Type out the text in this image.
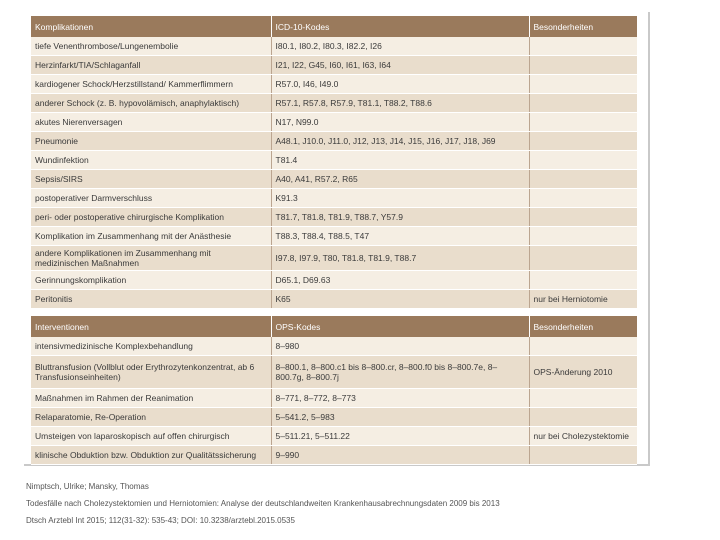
Komplikationen	ICD-10-Kodes	Besonderheiten
tiefe Venenthrombose/Lungenembolie	I80.1, I80.2, I80.3, I82.2, I26	
Herzinfarkt/TIA/Schlaganfall	I21, I22, G45, I60, I61, I63, I64	
kardiogener Schock/Herzstillstand/ Kammerflimmern	R57.0, I46, I49.0	
anderer Schock (z. B. hypovolämisch, anaphylaktisch)	R57.1, R57.8, R57.9, T81.1, T88.2, T88.6	
akutes Nierenversagen	N17, N99.0	
Pneumonie	A48.1, J10.0, J11.0, J12, J13, J14, J15, J16, J17, J18, J69	
Wundinfektion	T81.4	
Sepsis/SIRS	A40, A41, R57.2, R65	
postoperativer Darmverschluss	K91.3	
peri- oder postoperative chirurgische Komplikation	T81.7, T81.8, T81.9, T88.7, Y57.9	
Komplikation im Zusammenhang mit der Anästhesie	T88.3, T88.4, T88.5, T47	
andere Komplikationen im Zusammenhang mit medizinischen Maßnahmen	I97.8, I97.9, T80, T81.8, T81.9, T88.7	
Gerinnungskomplikation	D65.1, D69.63	
Peritonitis	K65	nur bei Herniotomie
Interventionen	OPS-Kodes	Besonderheiten
intensivmedizinische Komplexbehandlung	8–980	
Bluttransfusion (Vollblut oder Erythrozytenkonzentrat, ab 6 Transfusionseinheiten)	8–800.1, 8–800.c1 bis 8–800.cr, 8–800.f0 bis 8–800.7e, 8–800.7g, 8–800.7j	OPS-Änderung 2010
Maßnahmen im Rahmen der Reanimation	8–771, 8–772, 8–773	
Relaparatomie, Re-Operation	5–541.2, 5–983	
Umsteigen von laparoskopisch auf offen chirurgisch	5–511.21, 5–511.22	nur bei Cholezystektomie
klinische Obduktion bzw. Obduktion zur Qualitätssicherung	9–990	
Nimptsch, Ulrike; Mansky, Thomas
Todesfälle nach Cholezystektomien und Herniotomien: Analyse der deutschlandweiten Krankenhausabrechnungsdaten 2009 bis 2013
Dtsch Arztebl Int 2015; 112(31-32): 535-43; DOI: 10.3238/arztebl.2015.0535
